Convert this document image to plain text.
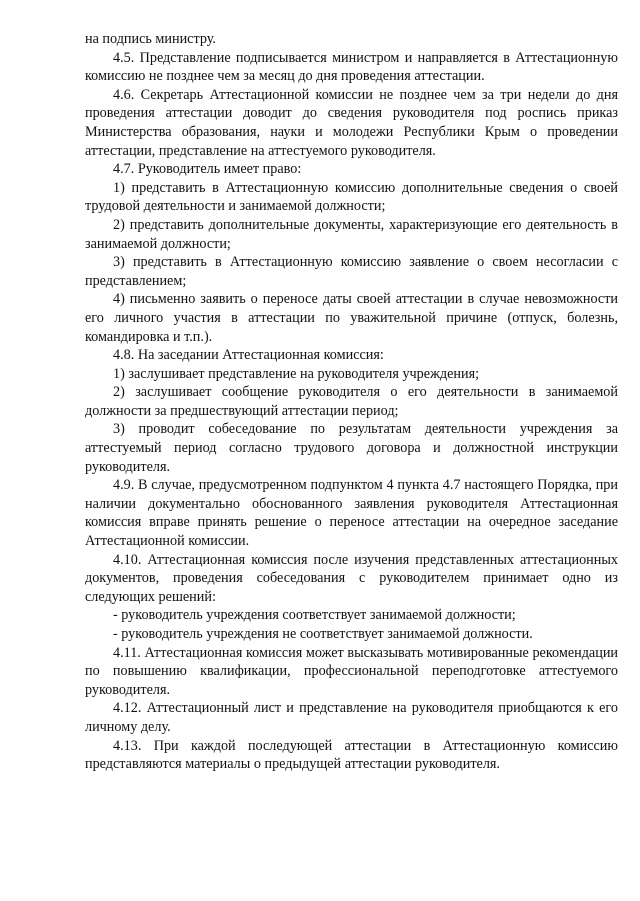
на подпись министру.

4.5. Представление подписывается министром и направляется в Аттестационную комиссию не позднее чем за месяц до дня проведения аттестации.

4.6. Секретарь Аттестационной комиссии не позднее чем за три недели до дня проведения аттестации доводит до сведения руководителя под роспись приказ Министерства образования, науки и молодежи Республики Крым о проведении аттестации, представление на аттестуемого руководителя.

4.7. Руководитель имеет право:

1) представить в Аттестационную комиссию дополнительные сведения о своей трудовой деятельности и занимаемой должности;

2) представить дополнительные документы, характеризующие его деятельность в занимаемой должности;

3) представить в Аттестационную комиссию заявление о своем несогласии с представлением;

4) письменно заявить о переносе даты своей аттестации в случае невозможности его личного участия в аттестации по уважительной причине (отпуск, болезнь, командировка и т.п.).

4.8. На заседании Аттестационная комиссия:

1) заслушивает представление на руководителя учреждения;

2) заслушивает сообщение руководителя о его деятельности в занимаемой должности за предшествующий аттестации период;

3) проводит собеседование по результатам деятельности учреждения за аттестуемый период согласно трудового договора и должностной инструкции руководителя.

4.9. В случае, предусмотренном подпунктом 4 пункта 4.7 настоящего Порядка, при наличии документально обоснованного заявления руководителя Аттестационная комиссия вправе принять решение о переносе аттестации на очередное заседание Аттестационной комиссии.

4.10. Аттестационная комиссия после изучения представленных аттестационных документов, проведения собеседования с руководителем принимает одно из следующих решений:

- руководитель учреждения соответствует занимаемой должности;

- руководитель учреждения не соответствует занимаемой должности.

4.11. Аттестационная комиссия может высказывать мотивированные рекомендации по повышению квалификации, профессиональной переподготовке аттестуемого руководителя.

4.12. Аттестационный лист и представление на руководителя приобщаются к его личному делу.

4.13. При каждой последующей аттестации в Аттестационную комиссию представляются материалы о предыдущей аттестации руководителя.
